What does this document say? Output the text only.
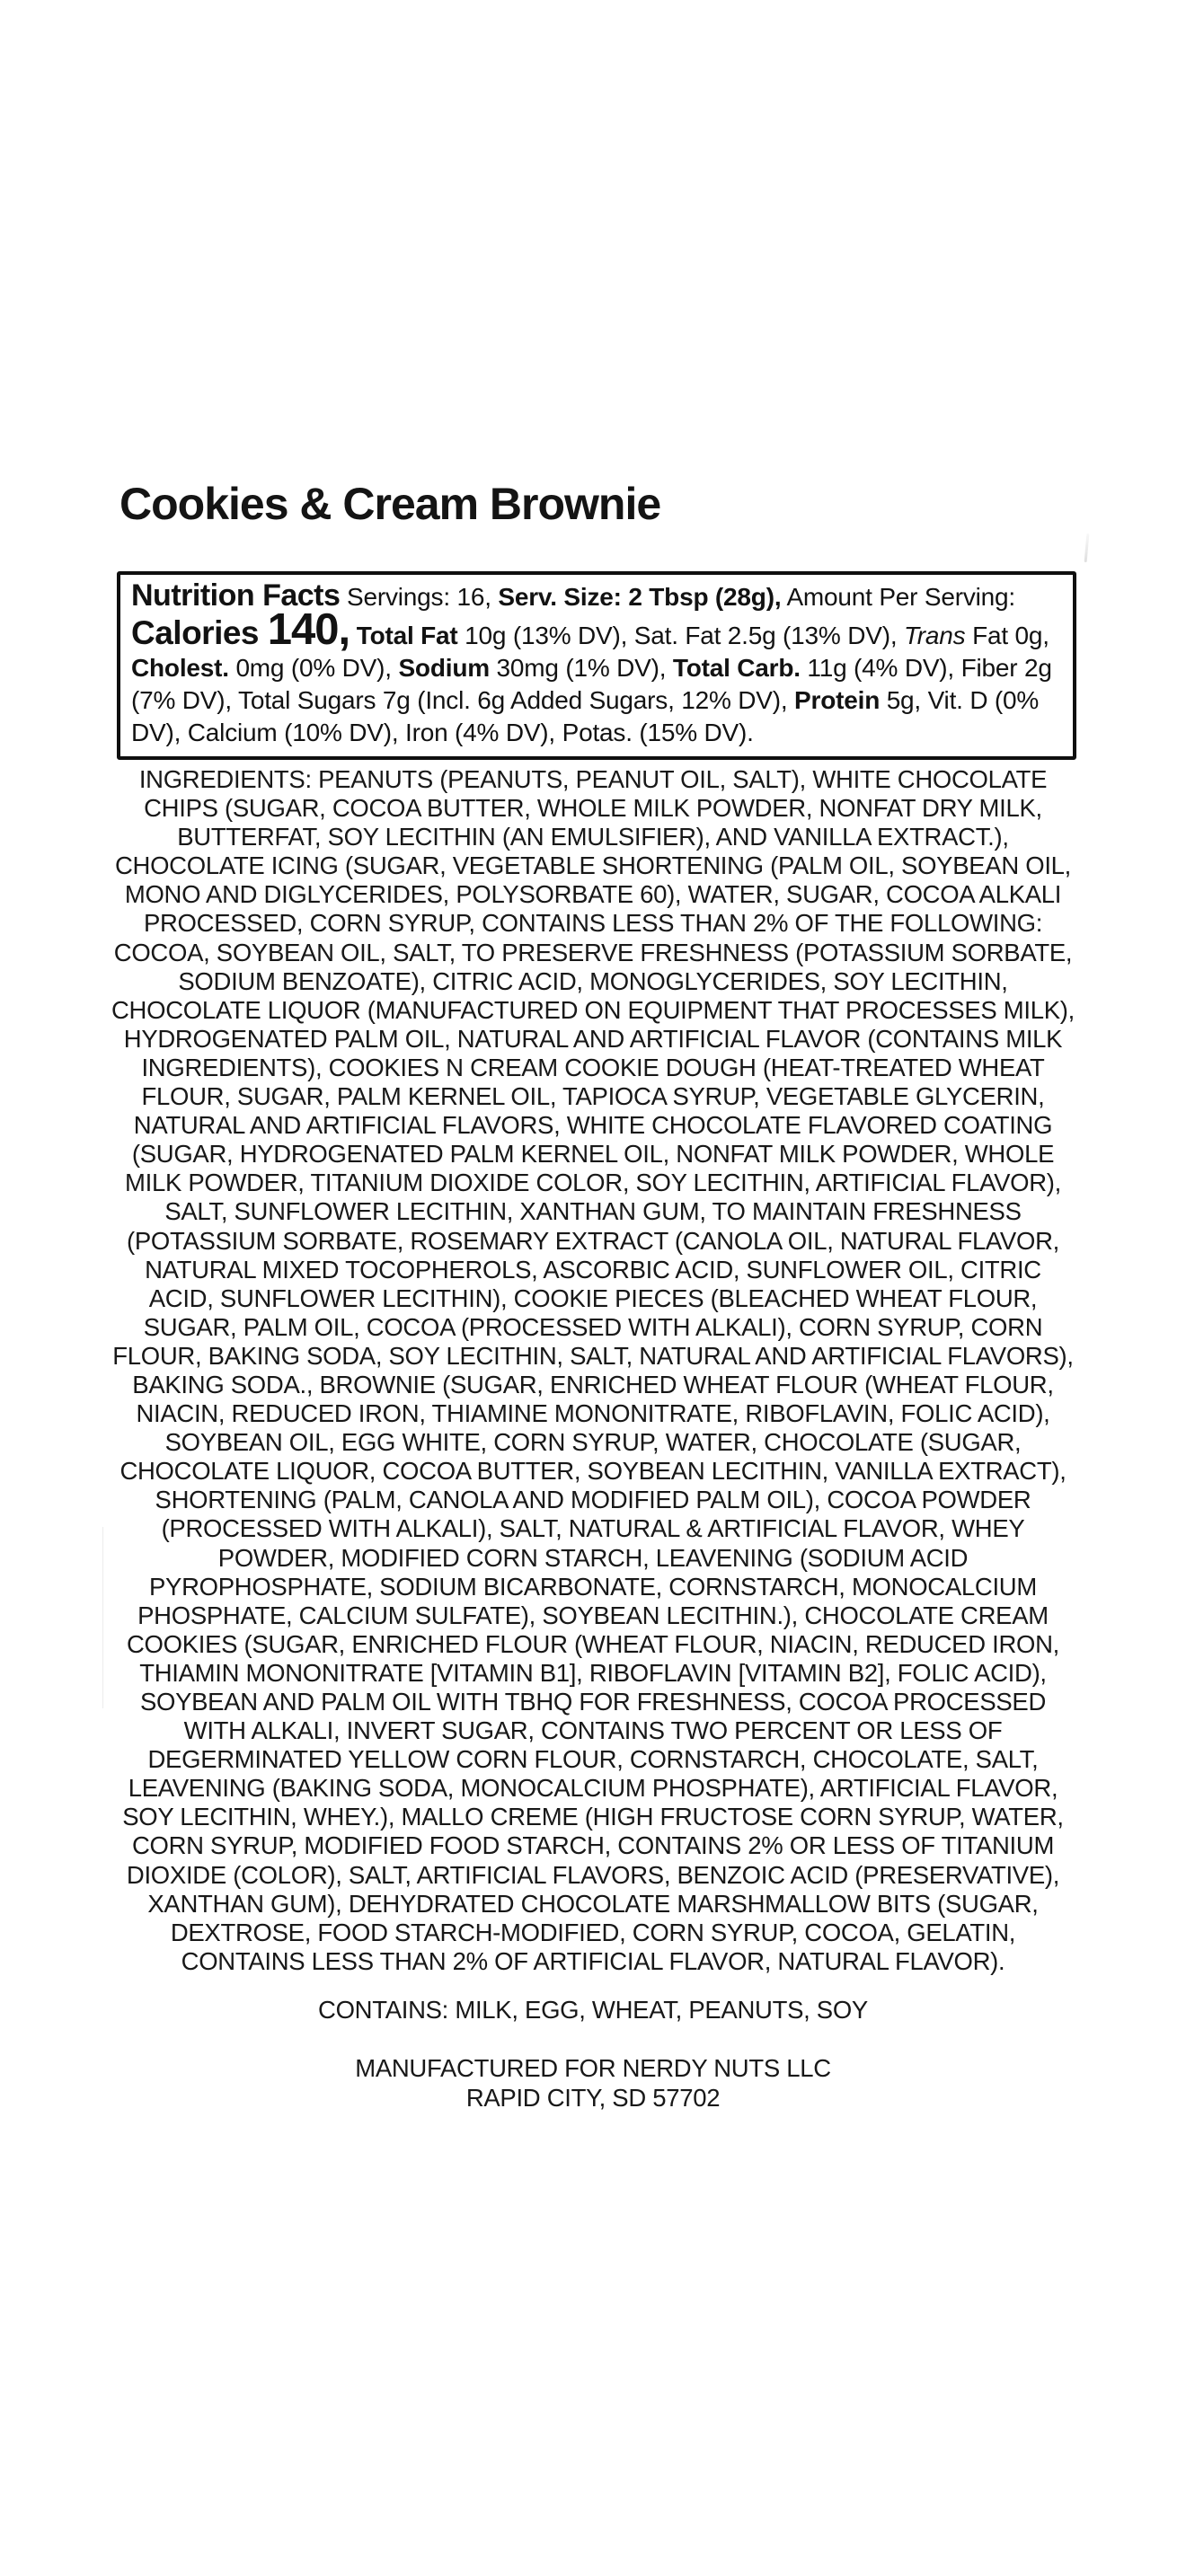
Cookies & Cream Brownie
Nutrition Facts Servings: 16, Serv. Size: 2 Tbsp (28g), Amount Per Serving: Calories 140, Total Fat 10g (13% DV), Sat. Fat 2.5g (13% DV), Trans Fat 0g, Cholest. 0mg (0% DV), Sodium 30mg (1% DV), Total Carb. 11g (4% DV), Fiber 2g (7% DV), Total Sugars 7g (Incl. 6g Added Sugars, 12% DV), Protein 5g, Vit. D (0% DV), Calcium (10% DV), Iron (4% DV), Potas. (15% DV).
INGREDIENTS: PEANUTS (PEANUTS, PEANUT OIL, SALT), WHITE CHOCOLATE
CHIPS (SUGAR, COCOA BUTTER, WHOLE MILK POWDER, NONFAT DRY MILK,
BUTTERFAT, SOY LECITHIN (AN EMULSIFIER), AND VANILLA EXTRACT.),
CHOCOLATE ICING (SUGAR, VEGETABLE SHORTENING (PALM OIL, SOYBEAN OIL,
MONO AND DIGLYCERIDES, POLYSORBATE 60), WATER, SUGAR, COCOA ALKALI
PROCESSED, CORN SYRUP, CONTAINS LESS THAN 2% OF THE FOLLOWING:
COCOA, SOYBEAN OIL, SALT, TO PRESERVE FRESHNESS (POTASSIUM SORBATE,
SODIUM BENZOATE), CITRIC ACID, MONOGLYCERIDES, SOY LECITHIN,
CHOCOLATE LIQUOR (MANUFACTURED ON EQUIPMENT THAT PROCESSES MILK),
HYDROGENATED PALM OIL, NATURAL AND ARTIFICIAL FLAVOR (CONTAINS MILK
INGREDIENTS), COOKIES N CREAM COOKIE DOUGH (HEAT-TREATED WHEAT
FLOUR, SUGAR, PALM KERNEL OIL, TAPIOCA SYRUP, VEGETABLE GLYCERIN,
NATURAL AND ARTIFICIAL FLAVORS, WHITE CHOCOLATE FLAVORED COATING
(SUGAR, HYDROGENATED PALM KERNEL OIL, NONFAT MILK POWDER, WHOLE
MILK POWDER, TITANIUM DIOXIDE COLOR, SOY LECITHIN, ARTIFICIAL FLAVOR),
SALT, SUNFLOWER LECITHIN, XANTHAN GUM, TO MAINTAIN FRESHNESS
(POTASSIUM SORBATE, ROSEMARY EXTRACT (CANOLA OIL, NATURAL FLAVOR,
NATURAL MIXED TOCOPHEROLS, ASCORBIC ACID, SUNFLOWER OIL, CITRIC
ACID, SUNFLOWER LECITHIN), COOKIE PIECES (BLEACHED WHEAT FLOUR,
SUGAR, PALM OIL, COCOA (PROCESSED WITH ALKALI), CORN SYRUP, CORN
FLOUR, BAKING SODA, SOY LECITHIN, SALT, NATURAL AND ARTIFICIAL FLAVORS),
BAKING SODA., BROWNIE (SUGAR, ENRICHED WHEAT FLOUR (WHEAT FLOUR,
NIACIN, REDUCED IRON, THIAMINE MONONITRATE, RIBOFLAVIN, FOLIC ACID),
SOYBEAN OIL, EGG WHITE, CORN SYRUP, WATER, CHOCOLATE (SUGAR,
CHOCOLATE LIQUOR, COCOA BUTTER, SOYBEAN LECITHIN, VANILLA EXTRACT),
SHORTENING (PALM, CANOLA AND MODIFIED PALM OIL), COCOA POWDER
(PROCESSED WITH ALKALI), SALT, NATURAL & ARTIFICIAL FLAVOR, WHEY
POWDER, MODIFIED CORN STARCH, LEAVENING (SODIUM ACID
PYROPHOSPHATE, SODIUM BICARBONATE, CORNSTARCH, MONOCALCIUM
PHOSPHATE, CALCIUM SULFATE), SOYBEAN LECITHIN.), CHOCOLATE CREAM
COOKIES (SUGAR, ENRICHED FLOUR (WHEAT FLOUR, NIACIN, REDUCED IRON,
THIAMIN MONONITRATE [VITAMIN B1], RIBOFLAVIN [VITAMIN B2], FOLIC ACID),
SOYBEAN AND PALM OIL WITH TBHQ FOR FRESHNESS, COCOA PROCESSED
WITH ALKALI, INVERT SUGAR, CONTAINS TWO PERCENT OR LESS OF
DEGERMINATED YELLOW CORN FLOUR, CORNSTARCH, CHOCOLATE, SALT,
LEAVENING (BAKING SODA, MONOCALCIUM PHOSPHATE), ARTIFICIAL FLAVOR,
SOY LECITHIN, WHEY.), MALLO CREME (HIGH FRUCTOSE CORN SYRUP, WATER,
CORN SYRUP, MODIFIED FOOD STARCH, CONTAINS 2% OR LESS OF TITANIUM
DIOXIDE (COLOR), SALT, ARTIFICIAL FLAVORS, BENZOIC ACID (PRESERVATIVE),
XANTHAN GUM), DEHYDRATED CHOCOLATE MARSHMALLOW BITS (SUGAR,
DEXTROSE, FOOD STARCH-MODIFIED, CORN SYRUP, COCOA, GELATIN,
CONTAINS LESS THAN 2% OF ARTIFICIAL FLAVOR, NATURAL FLAVOR).
CONTAINS: MILK, EGG, WHEAT, PEANUTS, SOY
MANUFACTURED FOR NERDY NUTS LLC
RAPID CITY, SD 57702
